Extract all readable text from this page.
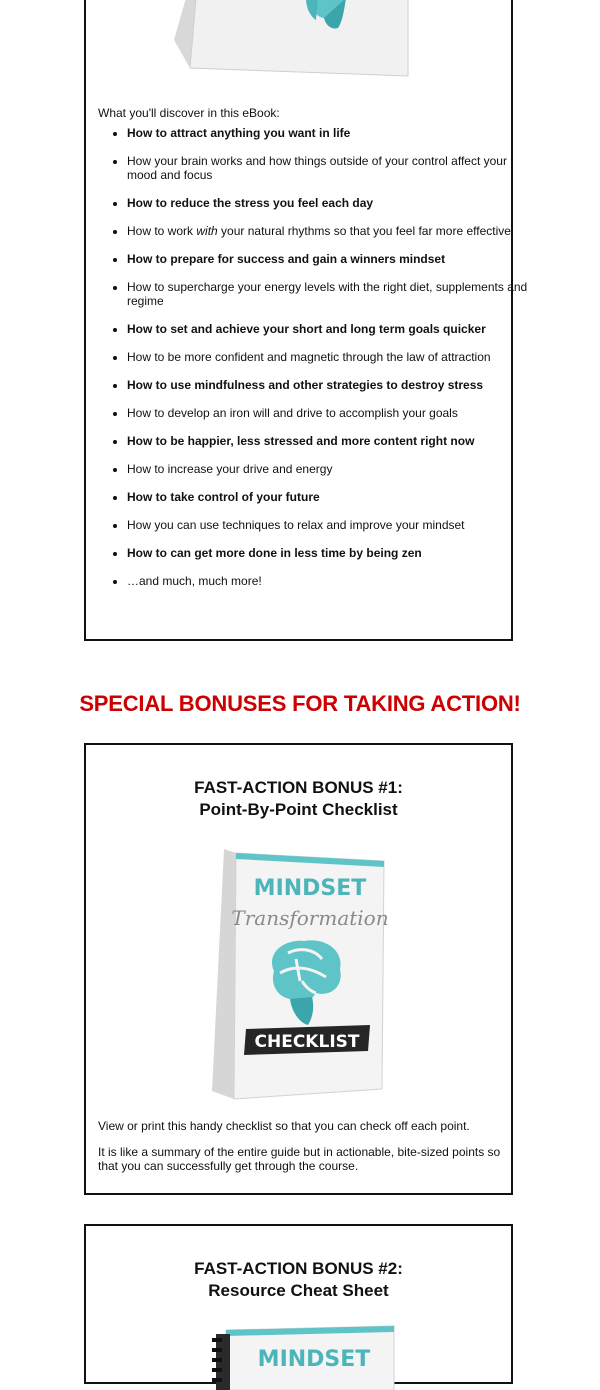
What you'll discover in this eBook:

• How to attract anything you want in life
• How your brain works and how things outside of your control affect your mood and focus
• How to reduce the stress you feel each day
• How to work with your natural rhythms so that you feel far more effective
• How to prepare for success and gain a winners mindset
• How to supercharge your energy levels with the right diet, supplements and regime
• How to set and achieve your short and long term goals quicker
• How to be more confident and magnetic through the law of attraction
• How to use mindfulness and other strategies to destroy stress
• How to develop an iron will and drive to accomplish your goals
• How to be happier, less stressed and more content right now
• How to increase your drive and energy
• How to take control of your future
• How you can use techniques to relax and improve your mindset
• How to can get more done in less time by being zen
• …and much, much more!
SPECIAL BONUSES FOR TAKING ACTION!
FAST-ACTION BONUS #1:
Point-By-Point Checklist
MINDSET
Transformation
CHECKLIST

View or print this handy checklist so that you can check off each point.

It is like a summary of the entire guide but in actionable, bite-sized points so that you can successfully get through the course.

FAST-ACTION BONUS #2:
Resource Cheat Sheet
MINDSET
